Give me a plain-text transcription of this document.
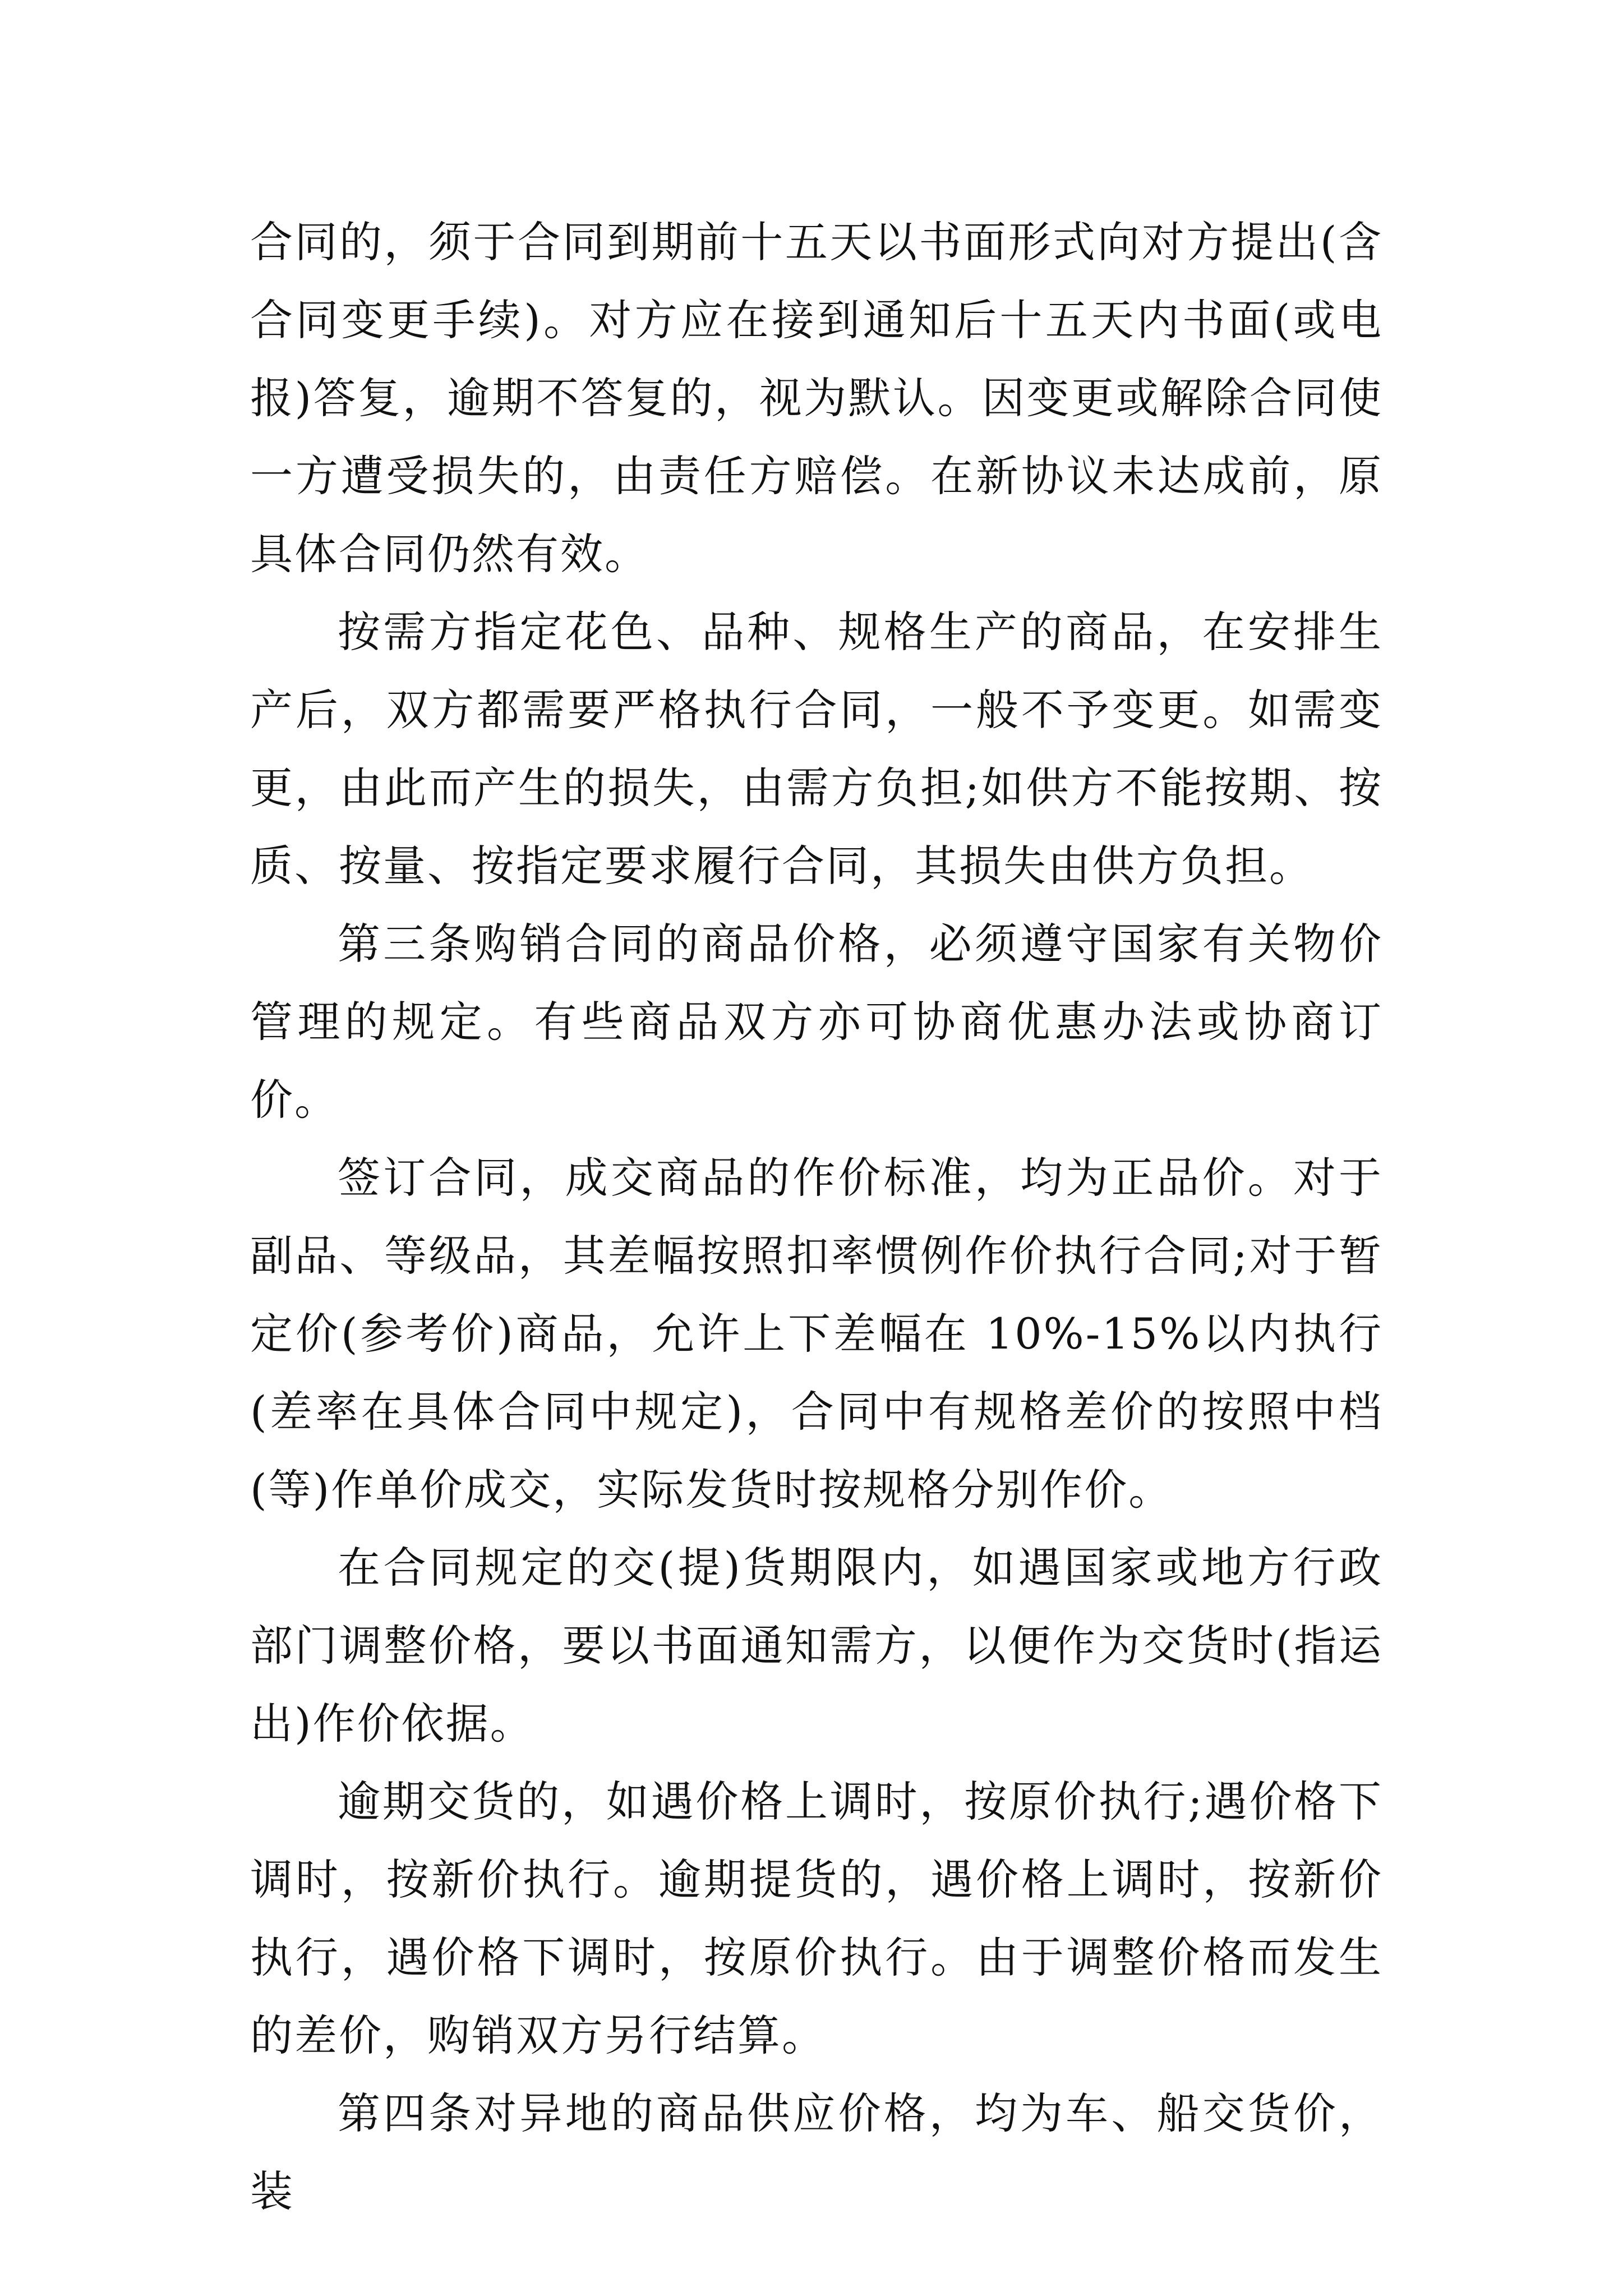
合同的，须于合同到期前十五天以书面形式向对方提出(含合同变更手续)。对方应在接到通知后十五天内书面(或电报)答复，逾期不答复的，视为默认。因变更或解除合同使一方遭受损失的，由责任方赔偿。在新协议未达成前，原具体合同仍然有效。

按需方指定花色、品种、规格生产的商品，在安排生产后，双方都需要严格执行合同，一般不予变更。如需变更，由此而产生的损失，由需方负担;如供方不能按期、按质、按量、按指定要求履行合同，其损失由供方负担。

第三条购销合同的商品价格，必须遵守国家有关物价管理的规定。有些商品双方亦可协商优惠办法或协商订价。

签订合同，成交商品的作价标准，均为正品价。对于副品、等级品，其差幅按照扣率惯例作价执行合同;对于暂定价(参考价)商品，允许上下差幅在 10%-15%以内执行(差率在具体合同中规定)，合同中有规格差价的按照中档(等)作单价成交，实际发货时按规格分别作价。

在合同规定的交(提)货期限内，如遇国家或地方行政部门调整价格，要以书面通知需方，以便作为交货时(指运出)作价依据。

逾期交货的，如遇价格上调时，按原价执行;遇价格下调时，按新价执行。逾期提货的，遇价格上调时，按新价执行，遇价格下调时，按原价执行。由于调整价格而发生的差价，购销双方另行结算。

第四条对异地的商品供应价格，均为车、船交货价，装
